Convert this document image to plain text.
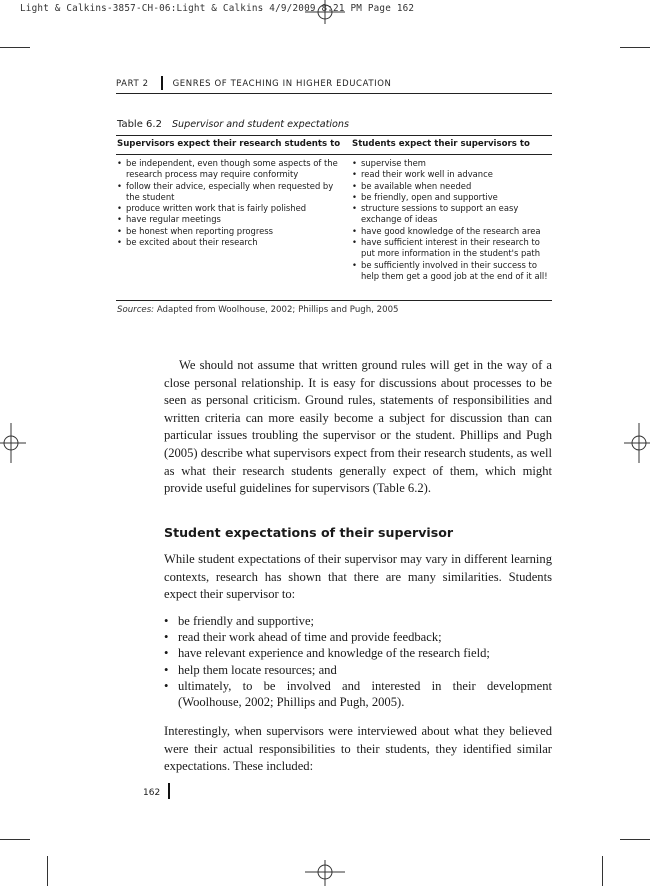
Light & Calkins-3857-CH-06:Light & Calkins 4/9/2009 8:21 PM Page 162
PART 2	GENRES OF TEACHING IN HIGHER EDUCATION
Table 6.2 Supervisor and student expectations
Supervisors expect their research students to Students expect their supervisors to
• be independent, even though some aspects of the research process may require conformity
• follow their advice, especially when requested by the student
• produce written work that is fairly polished
• have regular meetings
• be honest when reporting progress
• be excited about their research
• supervise them
• read their work well in advance
• be available when needed
• be friendly, open and supportive
• structure sessions to support an easy exchange of ideas
• have good knowledge of the research area
• have sufficient interest in their research to put more information in the student's path
• be sufficiently involved in their success to help them get a good job at the end of it all!
Sources: Adapted from Woolhouse, 2002; Phillips and Pugh, 2005

We should not assume that written ground rules will get in the way of a close personal relationship. It is easy for discussions about processes to be seen as personal criticism. Ground rules, statements of responsibilities and written criteria can more easily become a subject for discussion than can particular issues troubling the supervisor or the student. Phillips and Pugh (2005) describe what supervisors expect from their research students, as well as what their research students generally expect of them, which might provide useful guidelines for supervisors (Table 6.2).

Student expectations of their supervisor

While student expectations of their supervisor may vary in different learning contexts, research has shown that there are many similarities. Students expect their supervisor to:

• be friendly and supportive;
• read their work ahead of time and provide feedback;
• have relevant experience and knowledge of the research field;
• help them locate resources; and
• ultimately, to be involved and interested in their development (Woolhouse, 2002; Phillips and Pugh, 2005).

Interestingly, when supervisors were interviewed about what they believed were their actual responsibilities to their students, they identified similar expectations. These included:

162
